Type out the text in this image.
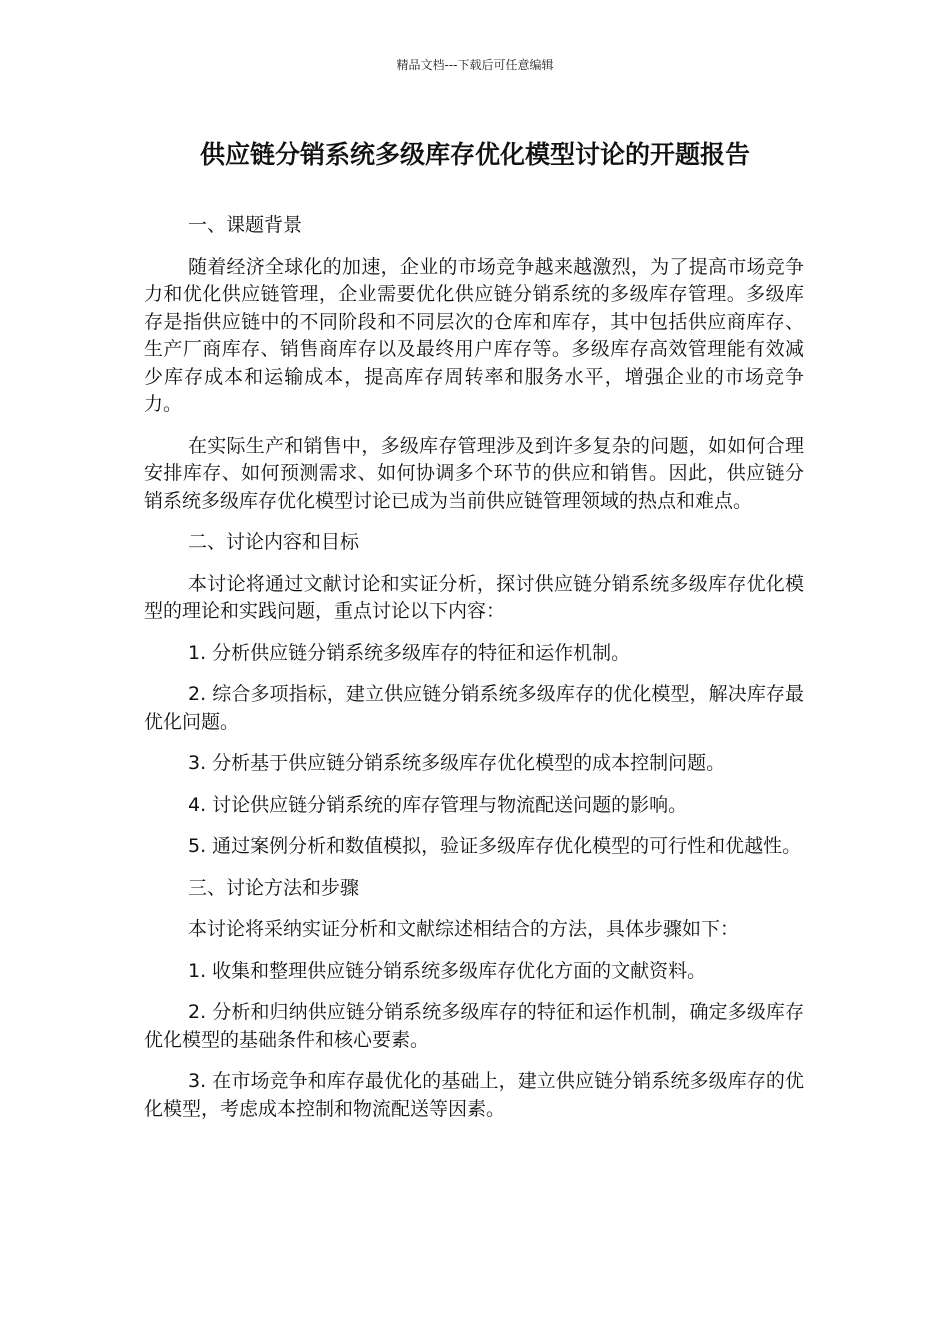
精品文档---下载后可任意编辑
供应链分销系统多级库存优化模型讨论的开题报告

一、课题背景

随着经济全球化的加速，企业的市场竞争越来越激烈，为了提高市场竞争力和优化供应链管理，企业需要优化供应链分销系统的多级库存管理。多级库存是指供应链中的不同阶段和不同层次的仓库和库存，其中包括供应商库存、生产厂商库存、销售商库存以及最终用户库存等。多级库存高效管理能有效减少库存成本和运输成本，提高库存周转率和服务水平，增强企业的市场竞争力。

在实际生产和销售中，多级库存管理涉及到许多复杂的问题，如如何合理安排库存、如何预测需求、如何协调多个环节的供应和销售。因此，供应链分销系统多级库存优化模型讨论已成为当前供应链管理领域的热点和难点。

二、讨论内容和目标

本讨论将通过文献讨论和实证分析，探讨供应链分销系统多级库存优化模型的理论和实践问题，重点讨论以下内容：

1. 分析供应链分销系统多级库存的特征和运作机制。

2. 综合多项指标，建立供应链分销系统多级库存的优化模型，解决库存最优化问题。

3. 分析基于供应链分销系统多级库存优化模型的成本控制问题。

4. 讨论供应链分销系统的库存管理与物流配送问题的影响。

5. 通过案例分析和数值模拟，验证多级库存优化模型的可行性和优越性。

三、讨论方法和步骤

本讨论将采纳实证分析和文献综述相结合的方法，具体步骤如下：

1. 收集和整理供应链分销系统多级库存优化方面的文献资料。

2. 分析和归纳供应链分销系统多级库存的特征和运作机制，确定多级库存优化模型的基础条件和核心要素。

3. 在市场竞争和库存最优化的基础上，建立供应链分销系统多级库存的优化模型，考虑成本控制和物流配送等因素。
